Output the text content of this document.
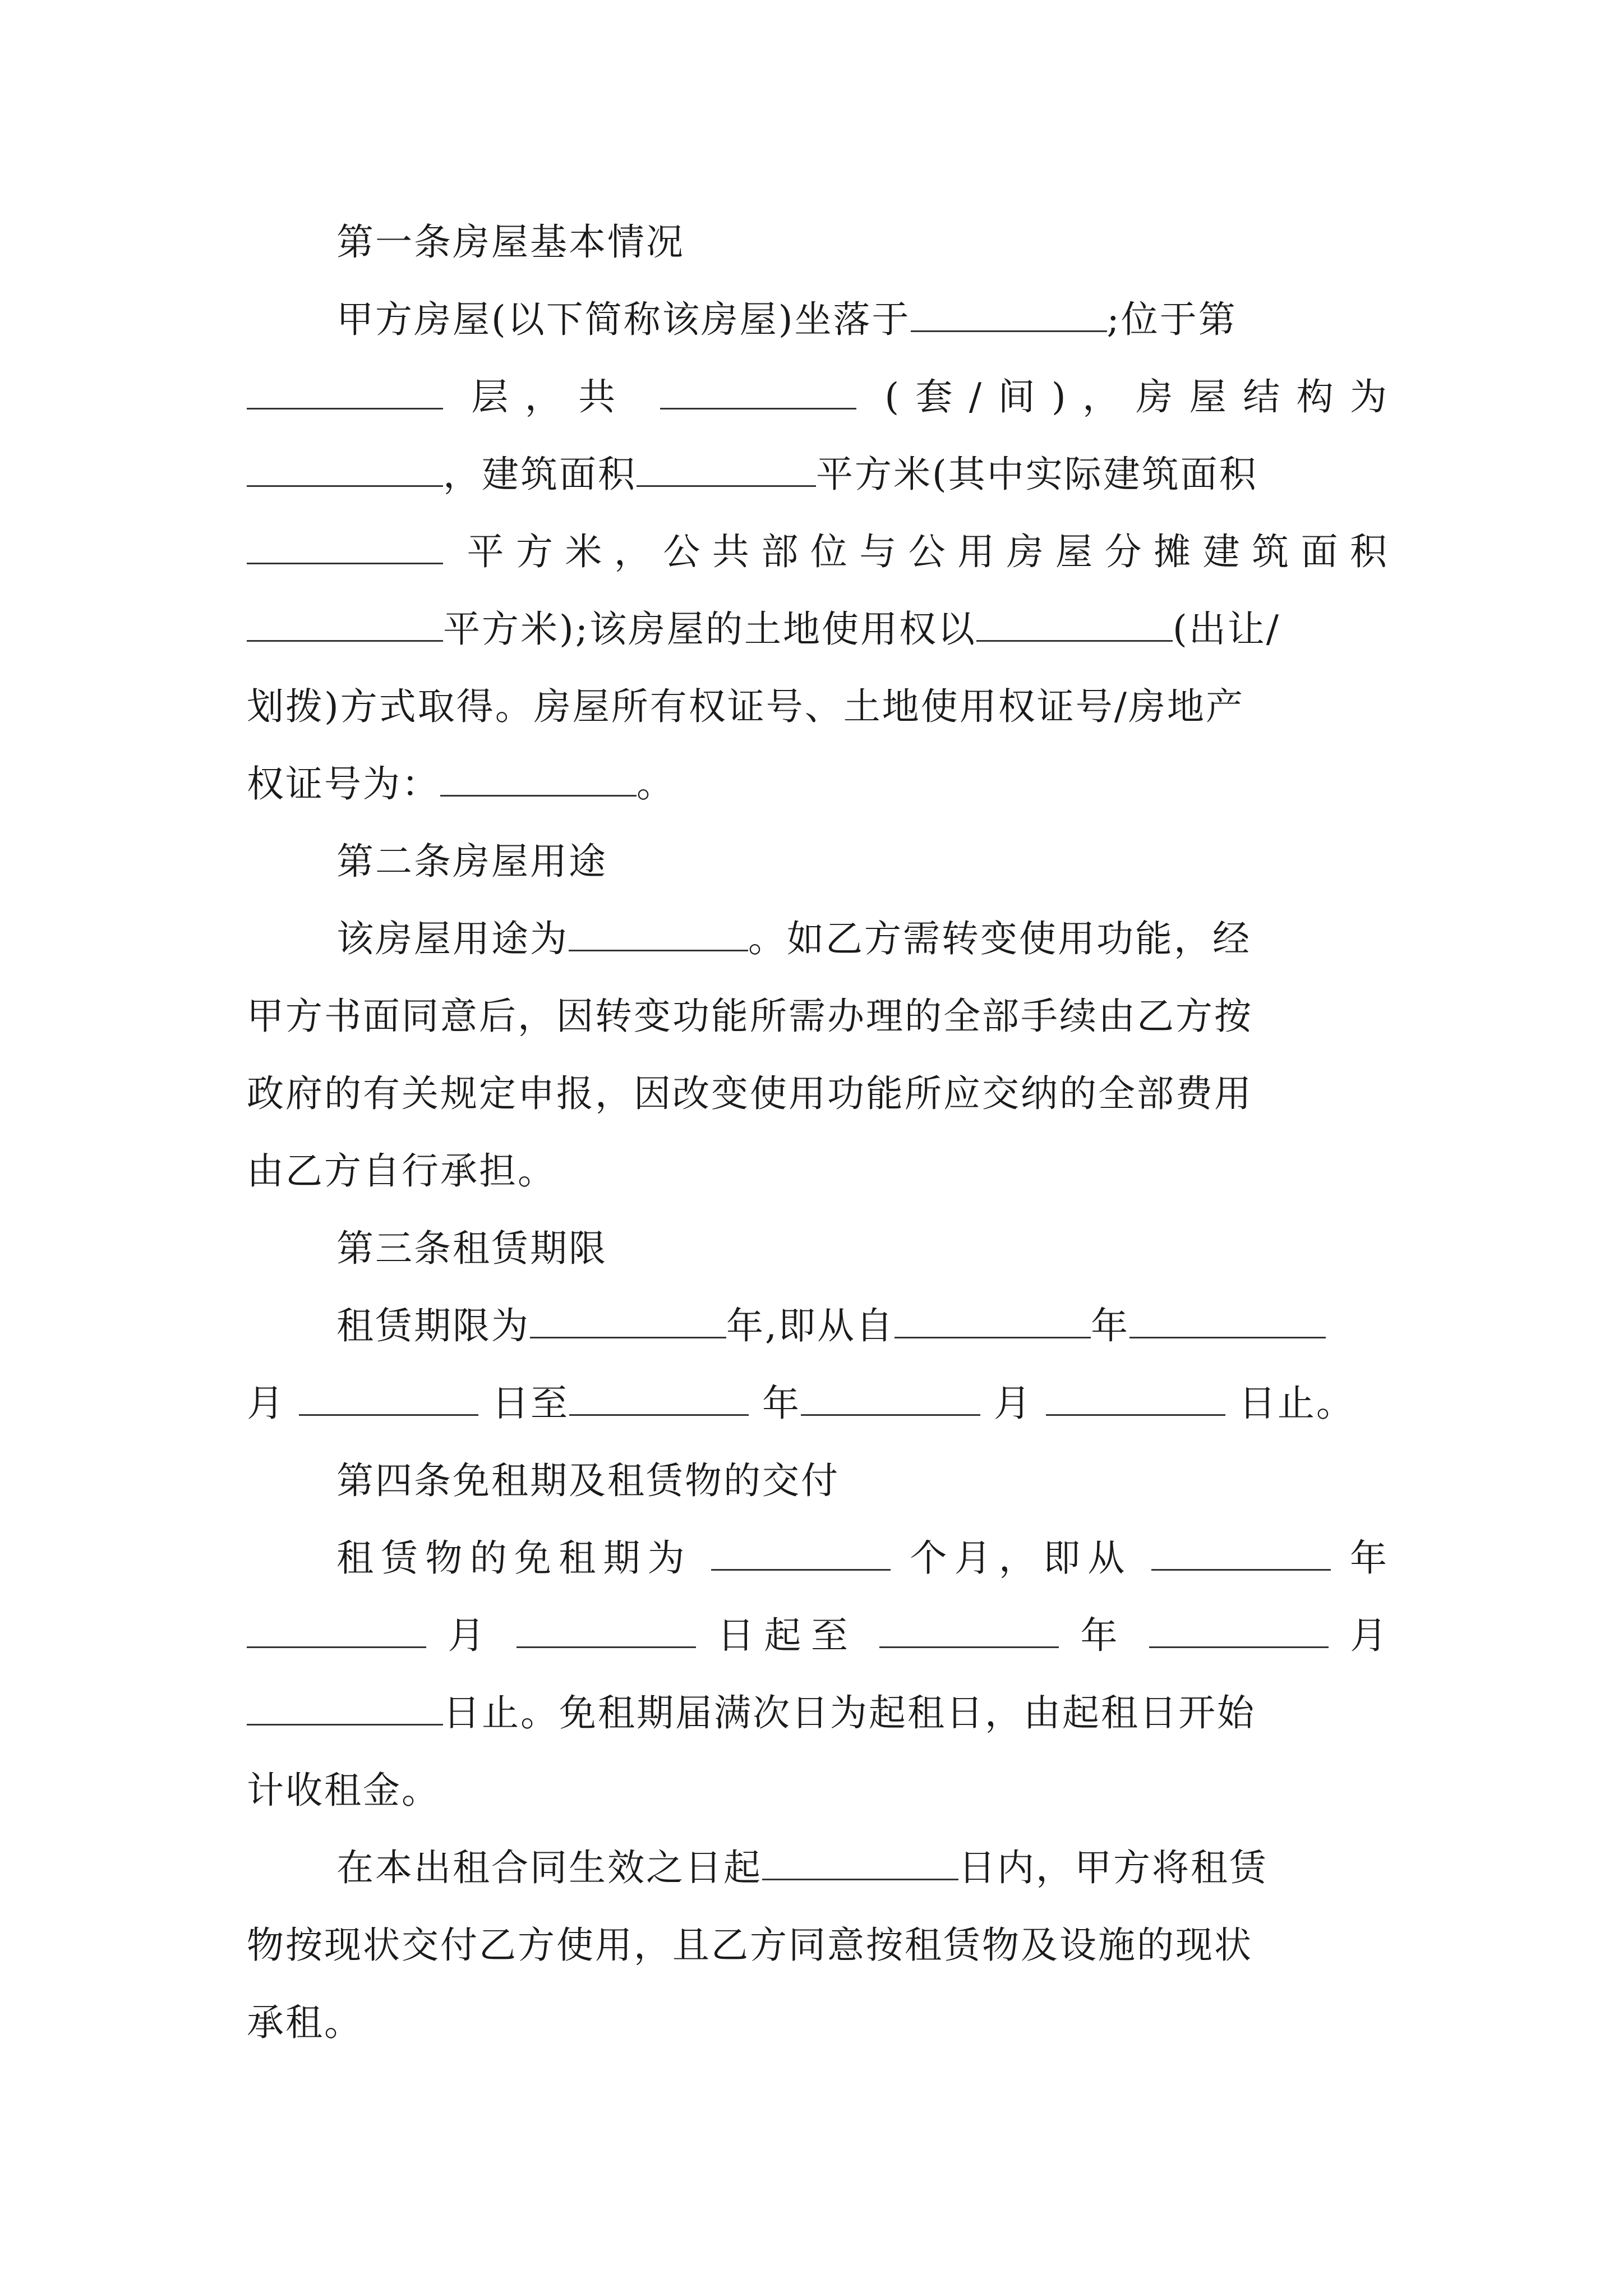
第一条房屋基本情况
甲方房屋(以下简称该房屋)坐落于	;位于第
层，共	(套/间)，房屋结构为
，建筑面积	平方米(其中实际建筑面积
平方米，公共部位与公用房屋分摊建筑面积
平方米);该房屋的土地使用权以	(出让/
划拨)方式取得。房屋所有权证号、土地使用权证号/房地产
权证号为：	。
第二条房屋用途
该房屋用途为	。如乙方需转变使用功能，经
甲方书面同意后，因转变功能所需办理的全部手续由乙方按
政府的有关规定申报，因改变使用功能所应交纳的全部费用
由乙方自行承担。
第三条租赁期限
租赁期限为	年,即从自	年
月	日至	年	月	日止。
第四条免租期及租赁物的交付
租赁物的免租期为	个月，即从	年
月	日起至	年	月
日止。免租期届满次日为起租日，由起租日开始
计收租金。
在本出租合同生效之日起	日内，甲方将租赁
物按现状交付乙方使用，且乙方同意按租赁物及设施的现状
承租。
